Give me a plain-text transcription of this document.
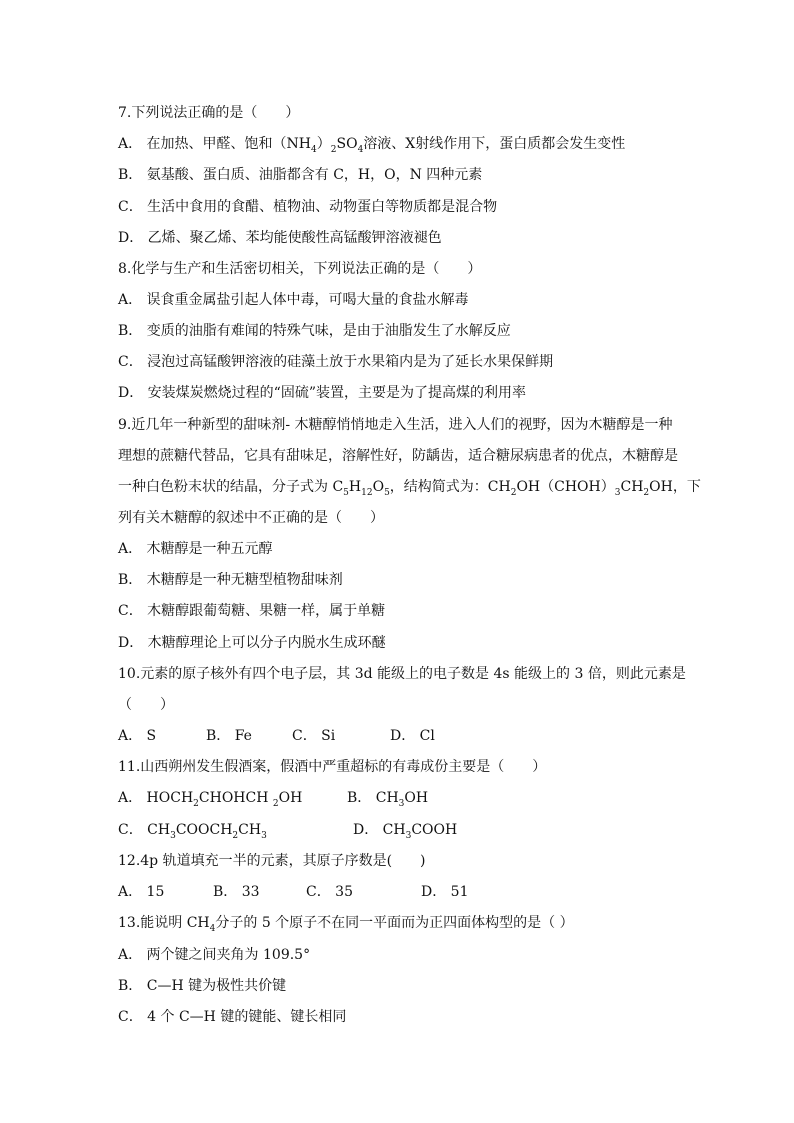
7.下列说法正确的是（　　）
A． 在加热、甲醛、饱和$(NH_4)_2SO_4$溶液、X射线作用下，蛋白质都会发生变性
B． 氨基酸、蛋白质、油脂都含有 C，H，O，N 四种元素
C． 生活中食用的食醋、植物油、动物蛋白等物质都是混合物
D． 乙烯、聚乙烯、苯均能使酸性高锰酸钾溶液褪色
8.化学与生产和生活密切相关，下列说法正确的是（　　）
A． 误食重金属盐引起人体中毒，可喝大量的食盐水解毒
B． 变质的油脂有难闻的特殊气味，是由于油脂发生了水解反应
C． 浸泡过高锰酸钾溶液的硅藻土放于水果箱内是为了延长水果保鲜期
D． 安装煤炭燃烧过程的“固硫”装置，主要是为了提高煤的利用率
9.近几年一种新型的甜味剂‐ 木糖醇悄悄地走入生活，进入人们的视野，因为木糖醇是一种
理想的蔗糖代替品，它具有甜味足，溶解性好，防龋齿，适合糖尿病患者的优点，木糖醇是
一种白色粉末状的结晶，分子式为 $C_5H_{12}O_5$，结构简式为：$CH_2OH(CHOH)_3CH_2OH$，下
列有关木糖醇的叙述中不正确的是（　　）
A． 木糖醇是一种五元醇
B． 木糖醇是一种无糖型植物甜味剂
C． 木糖醇跟葡萄糖、果糖一样，属于单糖
D． 木糖醇理论上可以分子内脱水生成环醚
10.元素的原子核外有四个电子层，其 3d 能级上的电子数是 4s 能级上的 3 倍，则此元素是
（　　）
A． S	B． Fe	C． Si	D． Cl
11.山西朔州发生假酒案，假酒中严重超标的有毒成份主要是（　　）
A． $HOCH_2CHOHCH$ $_2$OH	B． $CH_3OH$
C． $CH_3COOCH_2CH_3$	D． $CH_3COOH$
12.4p 轨道填充一半的元素，其原子序数是(　　)
A． 15	B． 33	C． 35	D． 51
13.能说明 $CH_4$分子的 5 个原子不在同一平面而为正四面体构型的是（ ）
A． 两个键之间夹角为 109.5°
B． C—H 键为极性共价键
C． 4 个 C—H 键的键能、键长相同
